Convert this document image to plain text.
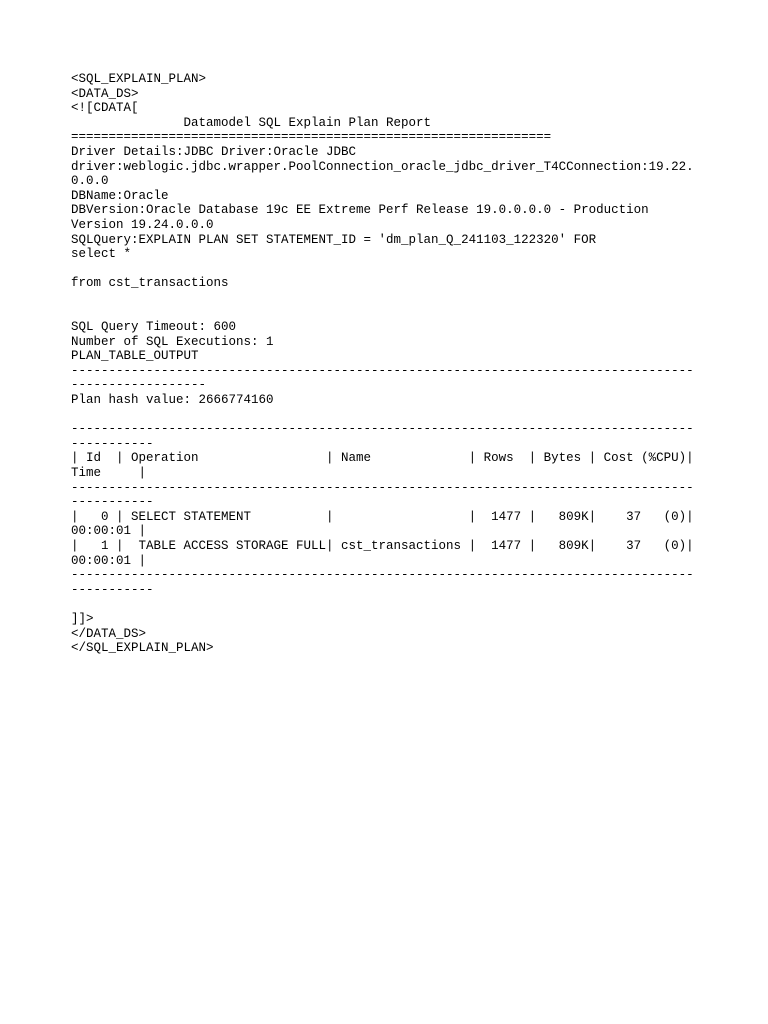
<SQL_EXPLAIN_PLAN>
<DATA_DS>
<![CDATA[
Datamodel SQL Explain Plan Report
================================================================
Driver Details:JDBC Driver:Oracle JDBC
driver:weblogic.jdbc.wrapper.PoolConnection_oracle_jdbc_driver_T4CConnection:19.22.
0.0.0
DBName:Oracle
DBVersion:Oracle Database 19c EE Extreme Perf Release 19.0.0.0.0 - Production
Version 19.24.0.0.0
SQLQuery:EXPLAIN PLAN SET STATEMENT_ID = 'dm_plan_Q_241103_122320' FOR
select *
from cst_transactions
SQL Query Timeout: 600
Number of SQL Executions: 1
PLAN_TABLE_OUTPUT
-----------------------------------------------------------------------------------
------------------
Plan hash value: 2666774160
-----------------------------------------------------------------------------------
-----------
| Id  | Operation                 | Name             | Rows  | Bytes | Cost (%CPU)|
Time     |
-----------------------------------------------------------------------------------
-----------
|   0 | SELECT STATEMENT          |                  |  1477 |   809K|    37   (0)|
00:00:01 |
|   1 |  TABLE ACCESS STORAGE FULL| cst_transactions |  1477 |   809K|    37   (0)|
00:00:01 |
-----------------------------------------------------------------------------------
-----------
]]>
</DATA_DS>
</SQL_EXPLAIN_PLAN>
